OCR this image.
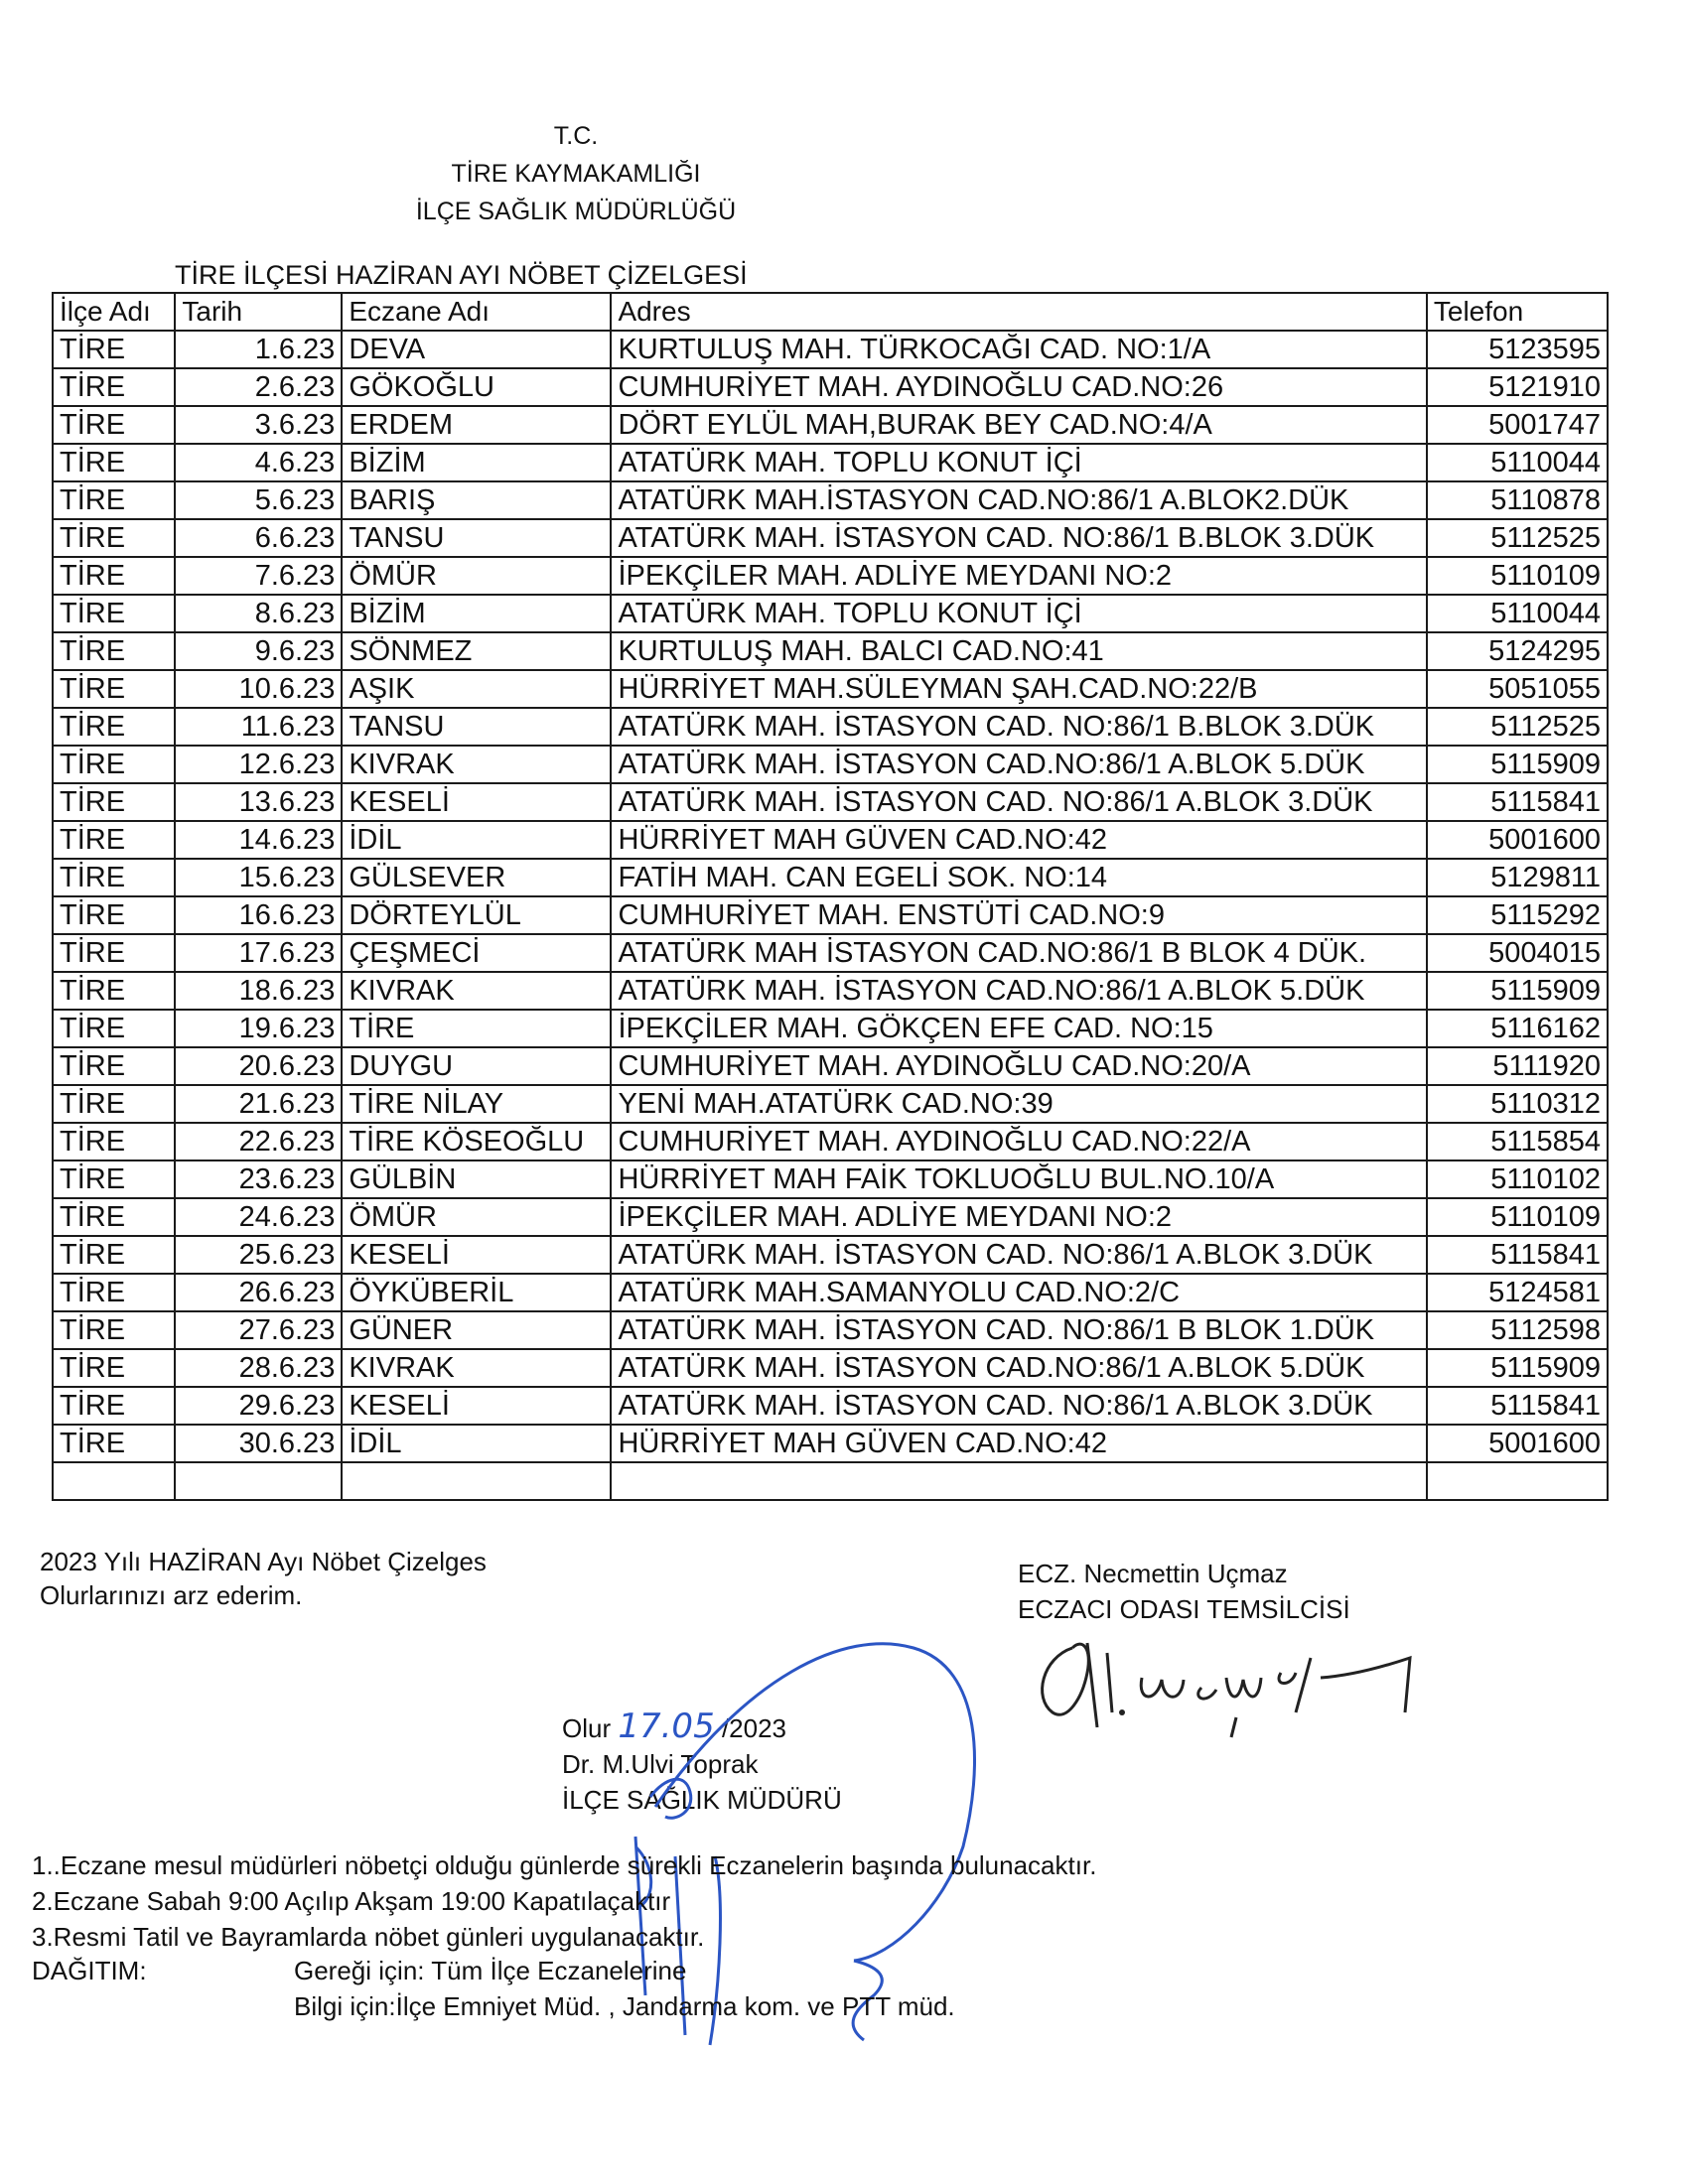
T.C.
TİRE KAYMAKAMLIĞI
İLÇE SAĞLIK MÜDÜRLÜĞÜ
TİRE İLÇESİ HAZİRAN AYI NÖBET ÇİZELGESİ
İlçe Adı	Tarih	Eczane Adı	Adres	Telefon
TİRE	1.6.23	DEVA	KURTULUŞ MAH. TÜRKOCAĞI CAD. NO:1/A	5123595
TİRE	2.6.23	GÖKOĞLU	CUMHURİYET MAH. AYDINOĞLU CAD.NO:26	5121910
TİRE	3.6.23	ERDEM	DÖRT EYLÜL MAH,BURAK BEY CAD.NO:4/A	5001747
TİRE	4.6.23	BİZİM	ATATÜRK MAH. TOPLU KONUT İÇİ	5110044
TİRE	5.6.23	BARIŞ	ATATÜRK MAH.İSTASYON CAD.NO:86/1 A.BLOK2.DÜK	5110878
TİRE	6.6.23	TANSU	ATATÜRK MAH. İSTASYON CAD. NO:86/1 B.BLOK 3.DÜK	5112525
TİRE	7.6.23	ÖMÜR	İPEKÇİLER MAH. ADLİYE MEYDANI NO:2	5110109
TİRE	8.6.23	BİZİM	ATATÜRK MAH. TOPLU KONUT İÇİ	5110044
TİRE	9.6.23	SÖNMEZ	KURTULUŞ MAH. BALCI CAD.NO:41	5124295
TİRE	10.6.23	AŞIK	HÜRRİYET MAH.SÜLEYMAN ŞAH.CAD.NO:22/B	5051055
TİRE	11.6.23	TANSU	ATATÜRK MAH. İSTASYON CAD. NO:86/1 B.BLOK 3.DÜK	5112525
TİRE	12.6.23	KIVRAK	ATATÜRK MAH. İSTASYON CAD.NO:86/1 A.BLOK 5.DÜK	5115909
TİRE	13.6.23	KESELİ	ATATÜRK MAH. İSTASYON CAD. NO:86/1 A.BLOK 3.DÜK	5115841
TİRE	14.6.23	İDİL	HÜRRİYET MAH GÜVEN CAD.NO:42	5001600
TİRE	15.6.23	GÜLSEVER	FATİH MAH. CAN EGELİ SOK. NO:14	5129811
TİRE	16.6.23	DÖRTEYLÜL	CUMHURİYET MAH. ENSTÜTİ CAD.NO:9	5115292
TİRE	17.6.23	ÇEŞMECİ	ATATÜRK MAH İSTASYON CAD.NO:86/1 B BLOK 4 DÜK.	5004015
TİRE	18.6.23	KIVRAK	ATATÜRK MAH. İSTASYON CAD.NO:86/1 A.BLOK 5.DÜK	5115909
TİRE	19.6.23	TİRE	İPEKÇİLER MAH. GÖKÇEN EFE CAD. NO:15	5116162
TİRE	20.6.23	DUYGU	CUMHURİYET MAH. AYDINOĞLU CAD.NO:20/A	5111920
TİRE	21.6.23	TİRE NİLAY	YENİ MAH.ATATÜRK CAD.NO:39	5110312
TİRE	22.6.23	TİRE KÖSEOĞLU	CUMHURİYET MAH. AYDINOĞLU CAD.NO:22/A	5115854
TİRE	23.6.23	GÜLBİN	HÜRRİYET MAH FAİK TOKLUOĞLU BUL.NO.10/A	5110102
TİRE	24.6.23	ÖMÜR	İPEKÇİLER MAH. ADLİYE MEYDANI NO:2	5110109
TİRE	25.6.23	KESELİ	ATATÜRK MAH. İSTASYON CAD. NO:86/1 A.BLOK 3.DÜK	5115841
TİRE	26.6.23	ÖYKÜBERİL	ATATÜRK MAH.SAMANYOLU CAD.NO:2/C	5124581
TİRE	27.6.23	GÜNER	ATATÜRK MAH. İSTASYON CAD. NO:86/1 B BLOK 1.DÜK	5112598
TİRE	28.6.23	KIVRAK	ATATÜRK MAH. İSTASYON CAD.NO:86/1 A.BLOK 5.DÜK	5115909
TİRE	29.6.23	KESELİ	ATATÜRK MAH. İSTASYON CAD. NO:86/1 A.BLOK 3.DÜK	5115841
TİRE	30.6.23	İDİL	HÜRRİYET MAH GÜVEN CAD.NO:42	5001600

2023 Yılı HAZİRAN Ayı Nöbet Çizelges
Olurlarınızı arz ederim.
ECZ. Necmettin Uçmaz
ECZACI ODASI TEMSİLCİSİ
N. Uçmaz
Olur 17.05 /2023
Dr. M.Ulvi Toprak
İLÇE SAĞLIK MÜDÜRÜ
1..Eczane mesul müdürleri nöbetçi olduğu günlerde sürekli Eczanelerin başında bulunacaktır.
2.Eczane Sabah 9:00 Açılıp Akşam 19:00 Kapatılaçaktır
3.Resmi Tatil ve Bayramlarda nöbet günleri uygulanacaktır.
DAĞITIM:	Gereği için: Tüm İlçe Eczanelerine
Bilgi için:İlçe Emniyet Müd. , Jandarma kom. ve PTT müd.
